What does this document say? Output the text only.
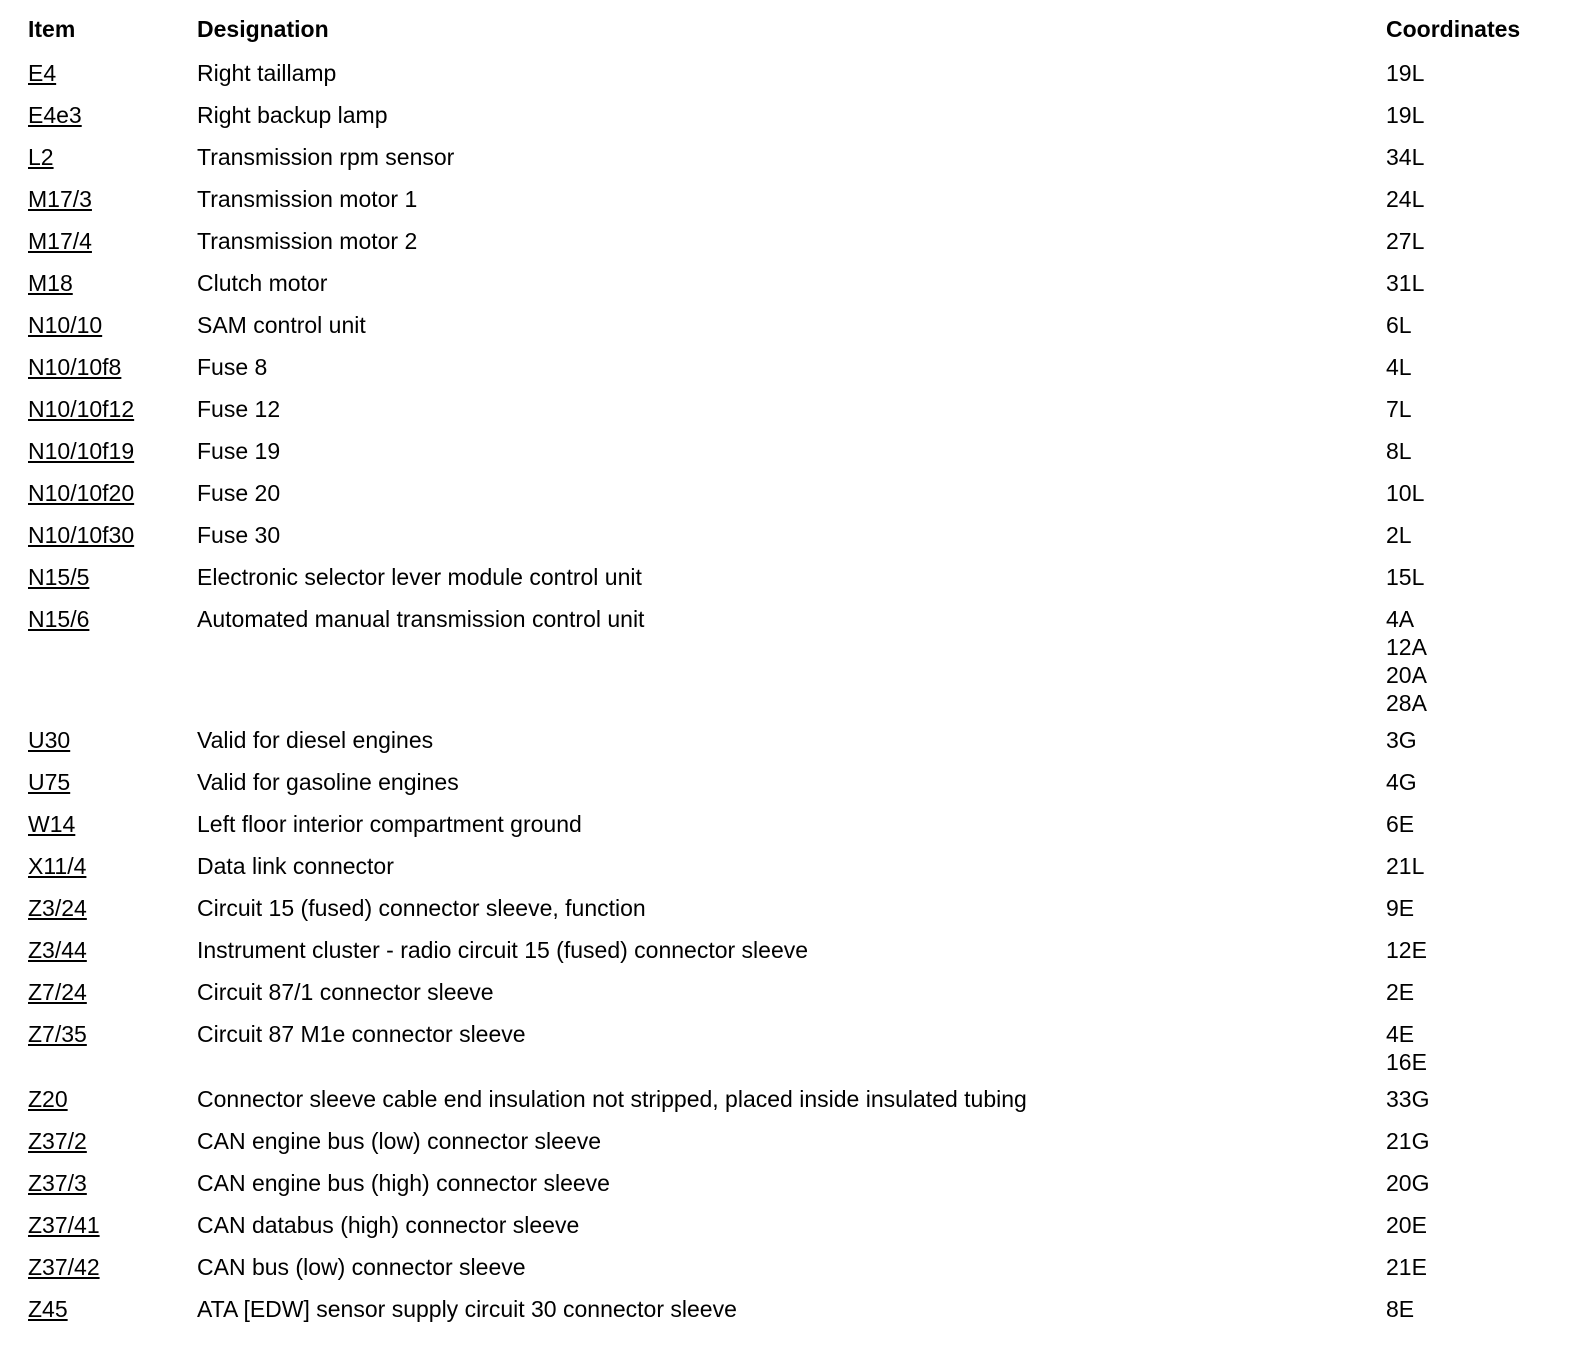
Item	Designation	Coordinates
E4	Right taillamp	19L
E4e3	Right backup lamp	19L
L2	Transmission rpm sensor	34L
M17/3	Transmission motor 1	24L
M17/4	Transmission motor 2	27L
M18	Clutch motor	31L
N10/10	SAM control unit	6L
N10/10f8	Fuse 8	4L
N10/10f12	Fuse 12	7L
N10/10f19	Fuse 19	8L
N10/10f20	Fuse 20	10L
N10/10f30	Fuse 30	2L
N15/5	Electronic selector lever module control unit	15L
N15/6	Automated manual transmission control unit	4A
12A
20A
28A
U30	Valid for diesel engines	3G
U75	Valid for gasoline engines	4G
W14	Left floor interior compartment ground	6E
X11/4	Data link connector	21L
Z3/24	Circuit 15 (fused) connector sleeve, function	9E
Z3/44	Instrument cluster - radio circuit 15 (fused) connector sleeve	12E
Z7/24	Circuit 87/1 connector sleeve	2E
Z7/35	Circuit 87 M1e connector sleeve	4E
16E
Z20	Connector sleeve cable end insulation not stripped, placed inside insulated tubing	33G
Z37/2	CAN engine bus (low) connector sleeve	21G
Z37/3	CAN engine bus (high) connector sleeve	20G
Z37/41	CAN databus (high) connector sleeve	20E
Z37/42	CAN bus (low) connector sleeve	21E
Z45	ATA [EDW] sensor supply circuit 30 connector sleeve	8E
